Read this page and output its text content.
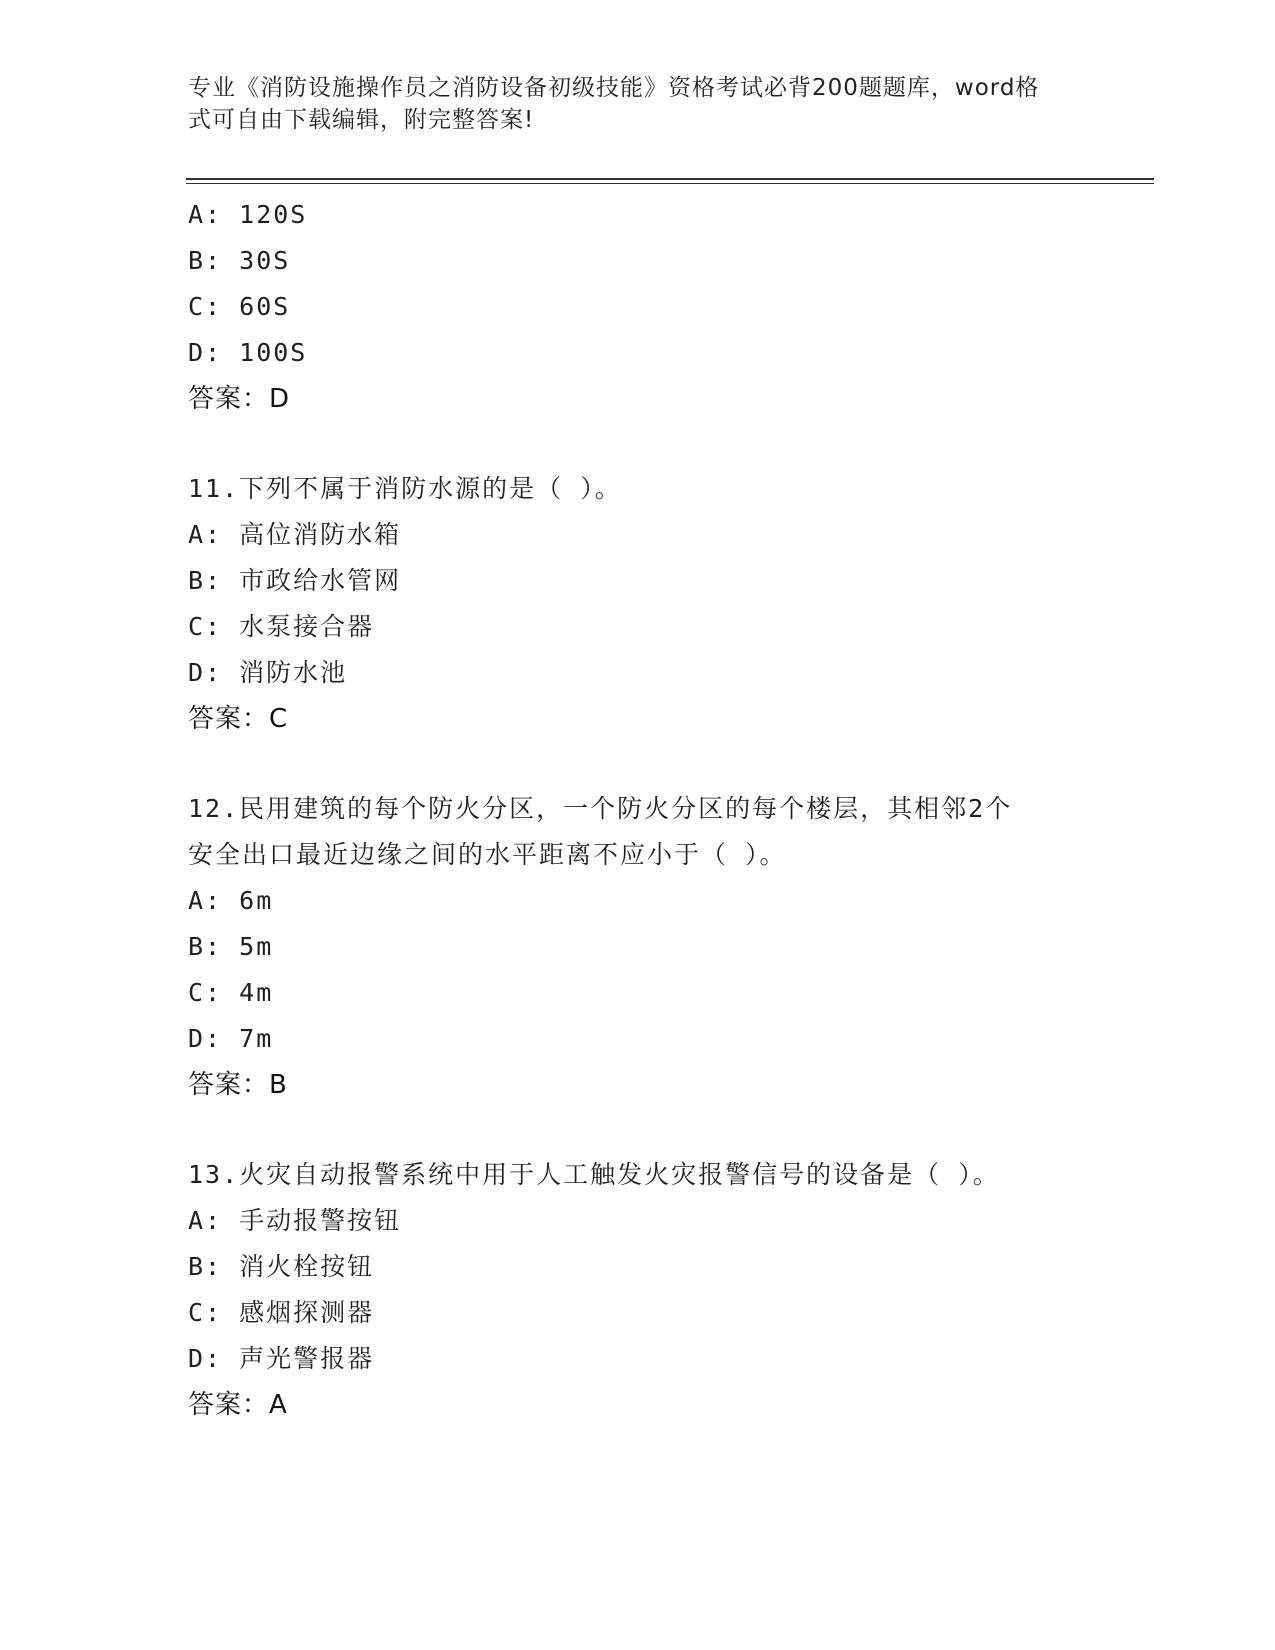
专业《消防设施操作员之消防设备初级技能》资格考试必背200题题库，word格
式可自由下载编辑，附完整答案!
A: 120S
B: 30S
C: 60S
D: 100S
答案：D
11.下列不属于消防水源的是（ ）。
A: 高位消防水箱
B: 市政给水管网
C: 水泵接合器
D: 消防水池
答案：C
12.民用建筑的每个防火分区，一个防火分区的每个楼层，其相邻2个
安全出口最近边缘之间的水平距离不应小于（ ）。
A: 6m
B: 5m
C: 4m
D: 7m
答案：B
13.火灾自动报警系统中用于人工触发火灾报警信号的设备是（ ）。
A: 手动报警按钮
B: 消火栓按钮
C: 感烟探测器
D: 声光警报器
答案：A
